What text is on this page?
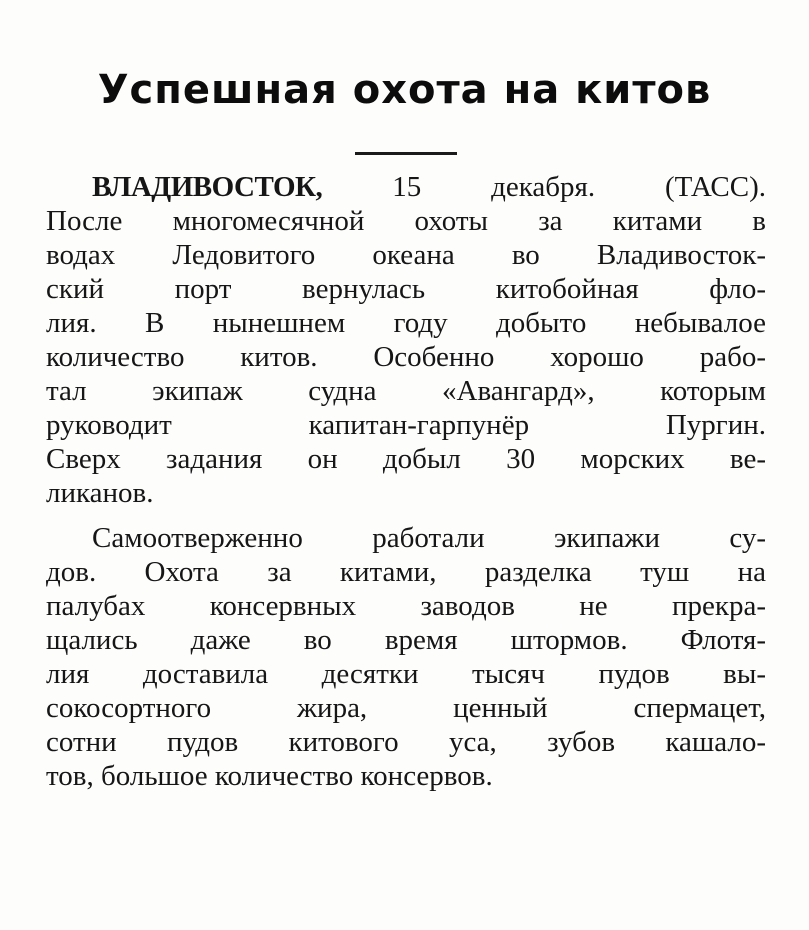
Успешная охота на китов
ВЛАДИВОСТОК, 15 декабря. (ТАСС).
После многомесячной охоты за китами в
водах Ледовитого океана во Владивосток-
ский порт вернулась китобойная фло-
лия. В нынешнем году добыто небывалое
количество китов. Особенно хорошо рабо-
тал экипаж судна «Авангард», которым
руководит капитан-гарпунёр Пургин.
Сверх задания он добыл 30 морских ве-
ликанов.
Самоотверженно работали экипажи су-
дов. Охота за китами, разделка туш на
палубах консервных заводов не прекра-
щались даже во время штормов. Флотя-
лия доставила десятки тысяч пудов вы-
сокосортного жира, ценный спермацет,
сотни пудов китового уса, зубов кашало-
тов, большое количество консервов.
